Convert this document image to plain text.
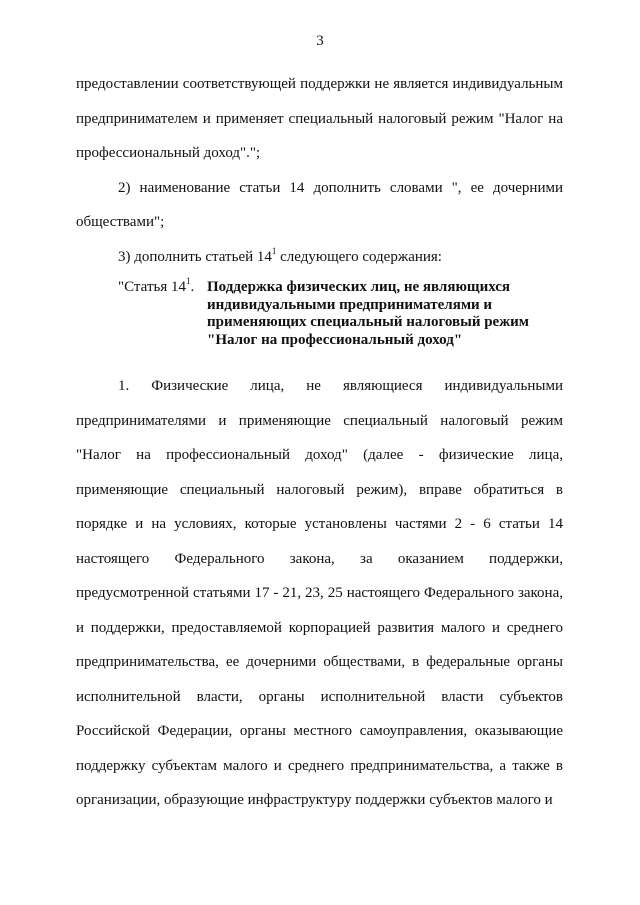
3

предоставлении соответствующей поддержки не является индивидуальным предпринимателем и применяет специальный налоговый режим "Налог на профессиональный доход".";

2) наименование статьи 14 дополнить словами ", ее дочерними обществами";

3) дополнить статьей $14^1$ следующего содержания:

"Статья $14^1$. Поддержка физических лиц, не являющихся
индивидуальными предпринимателями и
применяющих специальный налоговый режим
"Налог на профессиональный доход"

1. Физические лица, не являющиеся индивидуальными предпринимателями и применяющие специальный налоговый режим "Налог на профессиональный доход" (далее - физические лица, применяющие специальный налоговый режим), вправе обратиться в порядке и на условиях, которые установлены частями 2 - 6 статьи 14 настоящего Федерального закона, за оказанием поддержки, предусмотренной статьями 17 - 21, 23, 25 настоящего Федерального закона, и поддержки, предоставляемой корпорацией развития малого и среднего предпринимательства, ее дочерними обществами, в федеральные органы исполнительной власти, органы исполнительной власти субъектов Российской Федерации, органы местного самоуправления, оказывающие поддержку субъектам малого и среднего предпринимательства, а также в организации, образующие инфраструктуру поддержки субъектов малого и
